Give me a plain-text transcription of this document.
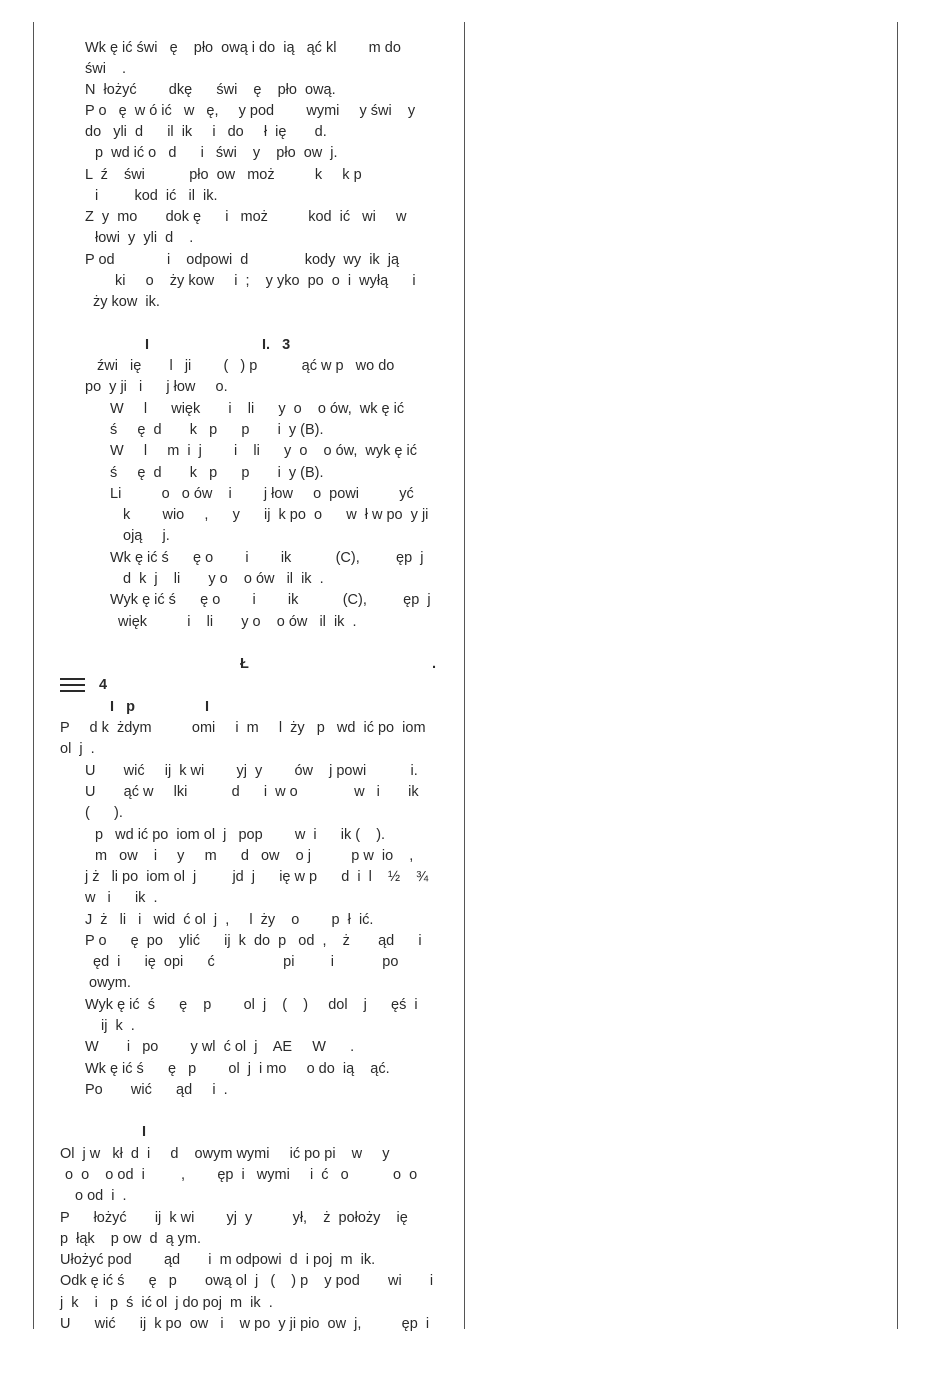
Wk ę ić świ   ę    pło  ową i do  ią   ąć kl        m do
świ    .
N  łożyć        dkę      świ    ę    pło  ową.
P o   ę  w ó ić   w   ę,     y pod        wymi     y świ    y
do   yli  d      il  ik     i   do     ł  ię       d.
p  wd ić o   d      i   świ    y    pło  ow  j.
L  ź    świ           pło  ow   moż          k     k p
i         kod  ić   il  ik.
Z  y  mo       dok ę      i   moż          kod  ić   wi     w
łowi  y  yli  d    .
P od             i    odpowi  d              kody  wy  ik  ją
ki     o    ży kow     i  ;    y yko  po  o  i  wyłą      i
ży kow  ik.
I	I.   3
źwi   ię       l   ji        (   ) p           ąć w p   wo do
po  y ji   i      j łow     o.
W     l      więk       i    li      y  o    o ów,  wk ę ić
ś     ę  d       k   p      p       i  y (B).
W     l     m  i  j        i    li      y  o    o ów,  wyk ę ić
ś     ę  d       k   p      p       i  y (B).
Li          o   o ów    i        j łow     o  powi          yć
k        wio     ,      y      ij  k po  o      w  ł w po  y ji
oją     j.
Wk ę ić ś      ę o        i        ik           (C),         ęp  j
d  k  j    li       y o    o ów   il  ik  .
Wyk ę ić ś      ę o        i        ik           (C),         ęp  j
więk          i    li       y o    o ów   il  ik  .
Ł	.
4
I   p	I
P     d k  żdym          omi     i  m     l  ży   p   wd  ić po  iom
ol  j  .
U       wić     ij  k wi        yj  y        ów    j powi           i.
U       ąć w     lki           d      i  w o              w   i       ik
(      ).
p   wd ić po  iom ol  j   pop        w  i      ik (    ).
m   ow    i     y     m      d   ow    o j          p w  io    ,
j ż   li po  iom ol  j         jd  j      ię w p      d  i  l    ½    ¾
w   i      ik  .
J  ż   li   i   wid  ć ol  j  ,     l  ży    o        p  ł  ić.
P o      ę  po    ylić      ij  k  do  p   od  ,    ż       ąd      i
ęd  i      ię  opi      ć                 pi         i            po
owym.
Wyk ę ić  ś      ę    p        ol  j    (    )     dol    j      ęś  i
ij  k  .
W       i   po        y wl  ć ol  j    AE     W      .
Wk ę ić ś      ę   p        ol  j  i mo     o do  ią    ąć.
Po       wić      ąd     i  .
I
Ol  j w   kł  d  i     d    owym wymi     ić po pi    w     y
o  o    o od  i         ,        ęp  i   wymi     i  ć   o           o  o
o od  i  .
P      łożyć       ij  k wi        yj  y          ył,    ż  położy    ię
p  łąk    p ow  d  ą ym.
Ułożyć pod        ąd       i  m odpowi  d  i poj  m  ik.
Odk ę ić ś      ę   p       ową ol  j   (    ) p    y pod       wi       i
j  k    i   p  ś  ić ol  j do poj  m  ik  .
U      wić      ij  k po  ow   i    w po  y ji pio  ow  j,          ęp  i
